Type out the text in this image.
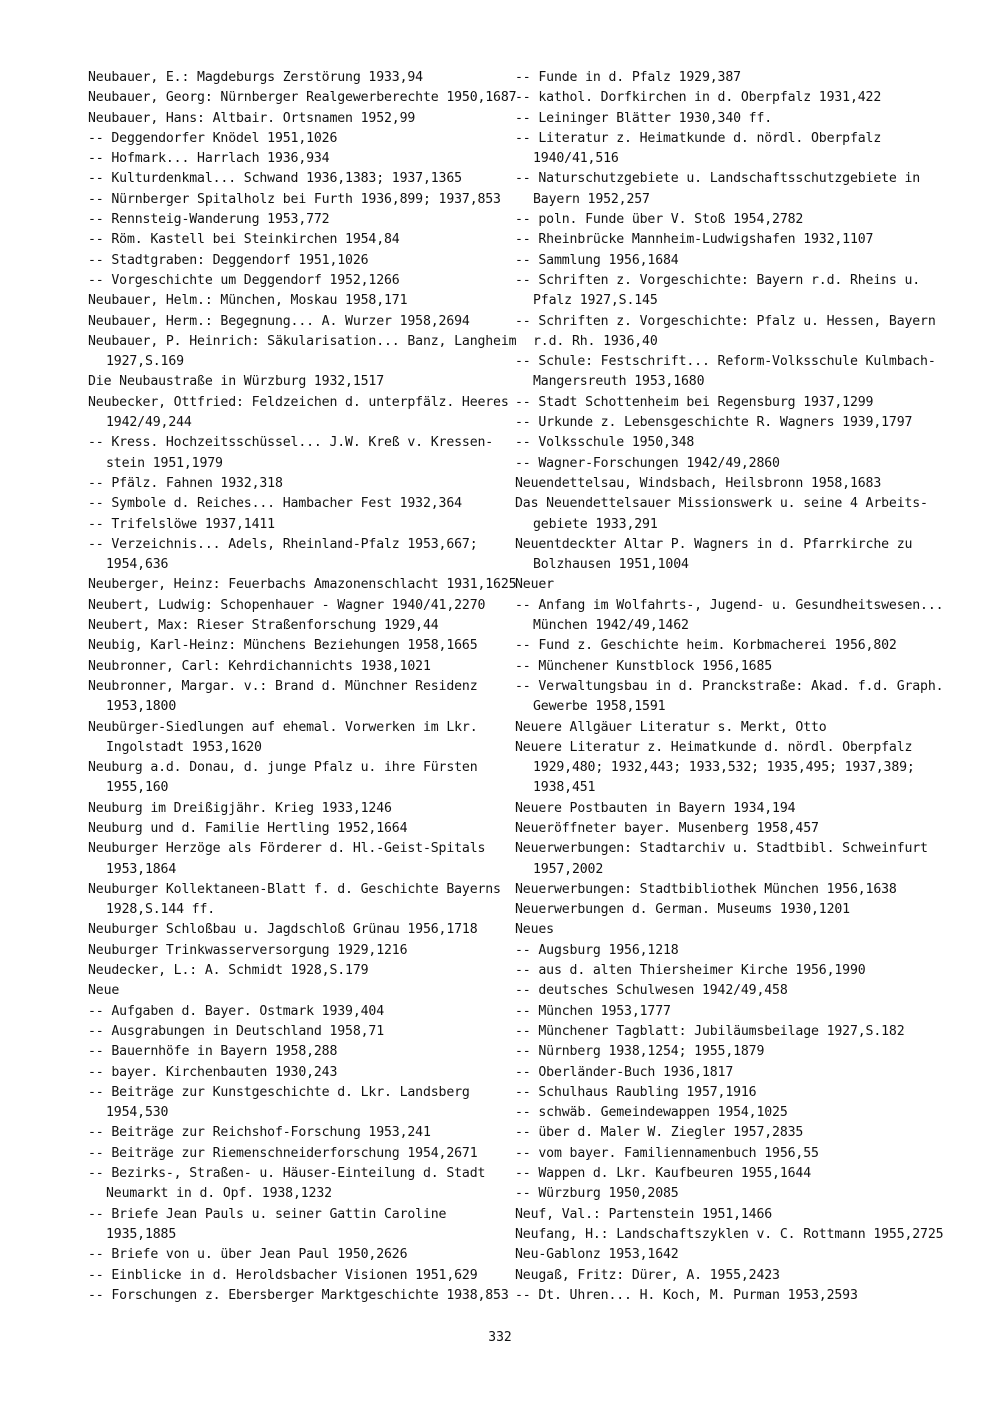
Neubauer, E.: Magdeburgs Zerstörung 1933,94
Neubauer, Georg: Nürnberger Realgewerberechte 1950,1687
Neubauer, Hans: Altbair. Ortsnamen 1952,99
-- Deggendorfer Knödel 1951,1026
-- Hofmark... Harrlach 1936,934
-- Kulturdenkmal... Schwand 1936,1383; 1937,1365
-- Nürnberger Spitalholz bei Furth 1936,899; 1937,853
-- Rennsteig-Wanderung 1953,772
-- Röm. Kastell bei Steinkirchen 1954,84
-- Stadtgraben: Deggendorf 1951,1026
-- Vorgeschichte um Deggendorf 1952,1266
Neubauer, Helm.: München, Moskau 1958,171
Neubauer, Herm.: Begegnung... A. Wurzer 1958,2694
Neubauer, P. Heinrich: Säkularisation... Banz, Langheim
1927,S.169
Die Neubaustraße in Würzburg 1932,1517
Neubecker, Ottfried: Feldzeichen d. unterpfälz. Heeres
1942/49,244
-- Kress. Hochzeitsschüssel... J.W. Kreß v. Kressen-
stein 1951,1979
-- Pfälz. Fahnen 1932,318
-- Symbole d. Reiches... Hambacher Fest 1932,364
-- Trifelslöwe 1937,1411
-- Verzeichnis... Adels, Rheinland-Pfalz 1953,667;
1954,636
Neuberger, Heinz: Feuerbachs Amazonenschlacht 1931,1625
Neubert, Ludwig: Schopenhauer - Wagner 1940/41,2270
Neubert, Max: Rieser Straßenforschung 1929,44
Neubig, Karl-Heinz: Münchens Beziehungen 1958,1665
Neubronner, Carl: Kehrdichannichts 1938,1021
Neubronner, Margar. v.: Brand d. Münchner Residenz
1953,1800
Neubürger-Siedlungen auf ehemal. Vorwerken im Lkr.
Ingolstadt 1953,1620
Neuburg a.d. Donau, d. junge Pfalz u. ihre Fürsten
1955,160
Neuburg im Dreißigjähr. Krieg 1933,1246
Neuburg und d. Familie Hertling 1952,1664
Neuburger Herzöge als Förderer d. Hl.-Geist-Spitals
1953,1864
Neuburger Kollektaneen-Blatt f. d. Geschichte Bayerns
1928,S.144 ff.
Neuburger Schloßbau u. Jagdschloß Grünau 1956,1718
Neuburger Trinkwasserversorgung 1929,1216
Neudecker, L.: A. Schmidt 1928,S.179
Neue
-- Aufgaben d. Bayer. Ostmark 1939,404
-- Ausgrabungen in Deutschland 1958,71
-- Bauernhöfe in Bayern 1958,288
-- bayer. Kirchenbauten 1930,243
-- Beiträge zur Kunstgeschichte d. Lkr. Landsberg
1954,530
-- Beiträge zur Reichshof-Forschung 1953,241
-- Beiträge zur Riemenschneiderforschung 1954,2671
-- Bezirks-, Straßen- u. Häuser-Einteilung d. Stadt
Neumarkt in d. Opf. 1938,1232
-- Briefe Jean Pauls u. seiner Gattin Caroline
1935,1885
-- Briefe von u. über Jean Paul 1950,2626
-- Einblicke in d. Heroldsbacher Visionen 1951,629
-- Forschungen z. Ebersberger Marktgeschichte 1938,853
-- Funde in d. Pfalz 1929,387
-- kathol. Dorfkirchen in d. Oberpfalz 1931,422
-- Leininger Blätter 1930,340 ff.
-- Literatur z. Heimatkunde d. nördl. Oberpfalz
1940/41,516
-- Naturschutzgebiete u. Landschaftsschutzgebiete in
Bayern 1952,257
-- poln. Funde über V. Stoß 1954,2782
-- Rheinbrücke Mannheim-Ludwigshafen 1932,1107
-- Sammlung 1956,1684
-- Schriften z. Vorgeschichte: Bayern r.d. Rheins u.
Pfalz 1927,S.145
-- Schriften z. Vorgeschichte: Pfalz u. Hessen, Bayern
r.d. Rh. 1936,40
-- Schule: Festschrift... Reform-Volksschule Kulmbach-
Mangersreuth 1953,1680
-- Stadt Schottenheim bei Regensburg 1937,1299
-- Urkunde z. Lebensgeschichte R. Wagners 1939,1797
-- Volksschule 1950,348
-- Wagner-Forschungen 1942/49,2860
Neuendettelsau, Windsbach, Heilsbronn 1958,1683
Das Neuendettelsauer Missionswerk u. seine 4 Arbeits-
gebiete 1933,291
Neuentdeckter Altar P. Wagners in d. Pfarrkirche zu
Bolzhausen 1951,1004
Neuer
-- Anfang im Wolfahrts-, Jugend- u. Gesundheitswesen...
München 1942/49,1462
-- Fund z. Geschichte heim. Korbmacherei 1956,802
-- Münchener Kunstblock 1956,1685
-- Verwaltungsbau in d. Pranckstraße: Akad. f.d. Graph.
Gewerbe 1958,1591
Neuere Allgäuer Literatur s. Merkt, Otto
Neuere Literatur z. Heimatkunde d. nördl. Oberpfalz
1929,480; 1932,443; 1933,532; 1935,495; 1937,389;
1938,451
Neuere Postbauten in Bayern 1934,194
Neueröffneter bayer. Musenberg 1958,457
Neuerwerbungen: Stadtarchiv u. Stadtbibl. Schweinfurt
1957,2002
Neuerwerbungen: Stadtbibliothek München 1956,1638
Neuerwerbungen d. German. Museums 1930,1201
Neues
-- Augsburg 1956,1218
-- aus d. alten Thiersheimer Kirche 1956,1990
-- deutsches Schulwesen 1942/49,458
-- München 1953,1777
-- Münchener Tagblatt: Jubiläumsbeilage 1927,S.182
-- Nürnberg 1938,1254; 1955,1879
-- Oberländer-Buch 1936,1817
-- Schulhaus Raubling 1957,1916
-- schwäb. Gemeindewappen 1954,1025
-- über d. Maler W. Ziegler 1957,2835
-- vom bayer. Familiennamenbuch 1956,55
-- Wappen d. Lkr. Kaufbeuren 1955,1644
-- Würzburg 1950,2085
Neuf, Val.: Partenstein 1951,1466
Neufang, H.: Landschaftszyklen v. C. Rottmann 1955,2725
Neu-Gablonz 1953,1642
Neugaß, Fritz: Dürer, A. 1955,2423
-- Dt. Uhren... H. Koch, M. Purman 1953,2593
332
